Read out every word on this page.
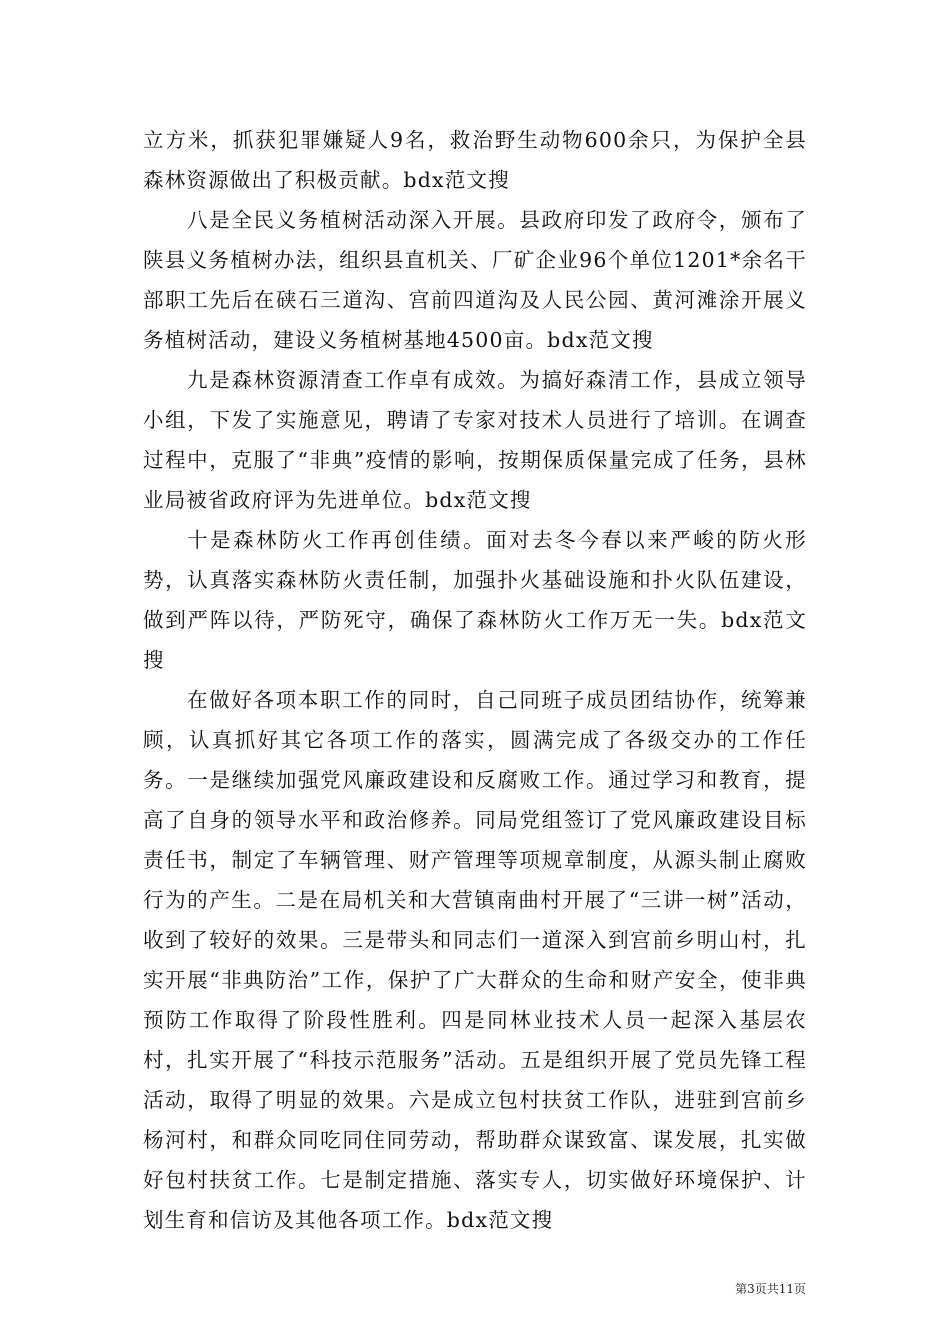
立方米，抓获犯罪嫌疑人9名，救治野生动物600余只，为保护全县森林资源做出了积极贡献。bdx范文搜

八是全民义务植树活动深入开展。县政府印发了政府令，颁布了陕县义务植树办法，组织县直机关、厂矿企业96个单位1201*余名干部职工先后在硖石三道沟、宫前四道沟及人民公园、黄河滩涂开展义务植树活动，建设义务植树基地4500亩。bdx范文搜

九是森林资源清查工作卓有成效。为搞好森清工作，县成立领导小组，下发了实施意见，聘请了专家对技术人员进行了培训。在调查过程中，克服了“非典”疫情的影响，按期保质保量完成了任务，县林业局被省政府评为先进单位。bdx范文搜

十是森林防火工作再创佳绩。面对去冬今春以来严峻的防火形势，认真落实森林防火责任制，加强扑火基础设施和扑火队伍建设，做到严阵以待，严防死守，确保了森林防火工作万无一失。bdx范文搜

在做好各项本职工作的同时，自己同班子成员团结协作，统筹兼顾，认真抓好其它各项工作的落实，圆满完成了各级交办的工作任务。一是继续加强党风廉政建设和反腐败工作。通过学习和教育，提高了自身的领导水平和政治修养。同局党组签订了党风廉政建设目标责任书，制定了车辆管理、财产管理等项规章制度，从源头制止腐败行为的产生。二是在局机关和大营镇南曲村开展了“三讲一树”活动，收到了较好的效果。三是带头和同志们一道深入到宫前乡明山村，扎实开展“非典防治”工作，保护了广大群众的生命和财产安全，使非典预防工作取得了阶段性胜利。四是同林业技术人员一起深入基层农村，扎实开展了“科技示范服务”活动。五是组织开展了党员先锋工程活动，取得了明显的效果。六是成立包村扶贫工作队，进驻到宫前乡杨河村，和群众同吃同住同劳动，帮助群众谋致富、谋发展，扎实做好包村扶贫工作。七是制定措施、落实专人，切实做好环境保护、计划生育和信访及其他各项工作。bdx范文搜

第3页共11页
